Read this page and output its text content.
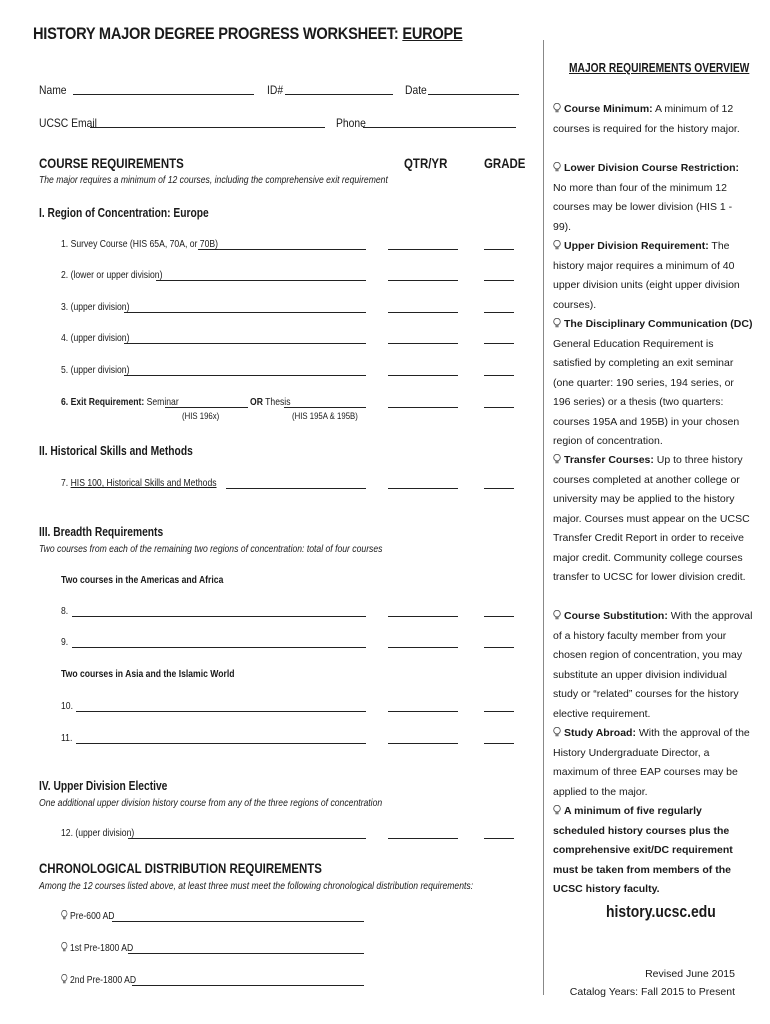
HISTORY MAJOR DEGREE PROGRESS WORKSHEET: EUROPE
Name	ID#	Date
UCSC Email	Phone
COURSE REQUIREMENTS	QTR/YR	GRADE
The major requires a minimum of 12 courses, including the comprehensive exit requirement
I. Region of Concentration: Europe
1. Survey Course (HIS 65A, 70A, or 70B)
2. (lower or upper division)
3. (upper division)
4. (upper division)
5. (upper division)
6. Exit Requirement: Seminar	OR Thesis
(HIS 196x)	(HIS 195A & 195B)
II. Historical Skills and Methods
7. HIS 100, Historical Skills and Methods
III. Breadth Requirements
Two courses from each of the remaining two regions of concentration: total of four courses
Two courses in the Americas and Africa
8.
9.
Two courses in Asia and the Islamic World
10.
11.
IV. Upper Division Elective
One additional upper division history course from any of the three regions of concentration
12. (upper division)
CHRONOLOGICAL DISTRIBUTION REQUIREMENTS
Among the 12 courses listed above, at least three must meet the following chronological distribution requirements:
Pre-600 AD
1st Pre-1800 AD
2nd Pre-1800 AD
MAJOR REQUIREMENTS OVERVIEW
Course Minimum: A minimum of 12 courses is required for the history major.
Lower Division Course Restriction: No more than four of the minimum 12 courses may be lower division (HIS 1 - 99).
Upper Division Requirement: The history major requires a minimum of 40 upper division units (eight upper division courses).
The Disciplinary Communication (DC) General Education Requirement is satisfied by completing an exit seminar (one quarter: 190 series, 194 series, or 196 series) or a thesis (two quarters: courses 195A and 195B) in your chosen region of concentration.
Transfer Courses: Up to three history courses completed at another college or university may be applied to the history major. Courses must appear on the UCSC Transfer Credit Report in order to receive major credit. Community college courses transfer to UCSC for lower division credit.
Course Substitution: With the approval of a history faculty member from your chosen region of concentration, you may substitute an upper division individual study or “related” courses for the history elective requirement.
Study Abroad: With the approval of the History Undergraduate Director, a maximum of three EAP courses may be applied to the major.
A minimum of five regularly scheduled history courses plus the comprehensive exit/DC requirement must be taken from members of the UCSC history faculty.
history.ucsc.edu
Revised June 2015
Catalog Years: Fall 2015 to Present
